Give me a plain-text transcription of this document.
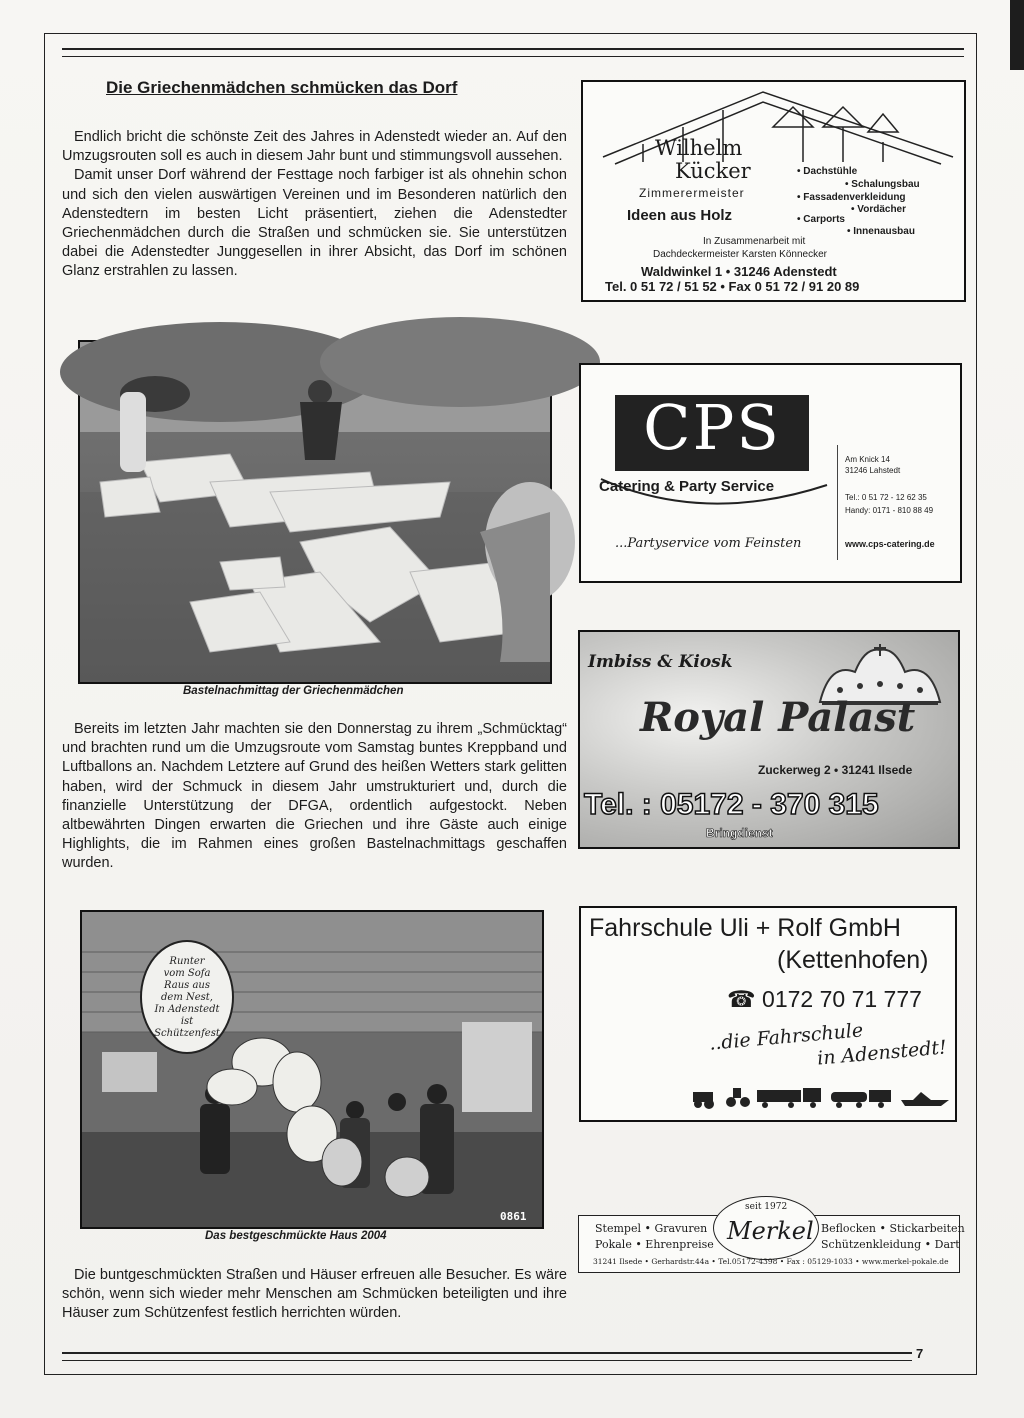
Die Griechenmädchen schmücken das Dorf

Endlich bricht die schönste Zeit des Jahres in Adenstedt wieder an. Auf den Umzugsrouten soll es auch in diesem Jahr bunt und stimmungsvoll aussehen.

Damit unser Dorf während der Festtage noch farbiger ist als ohnehin schon und sich den vielen auswärtigen Vereinen und im Besonderen natürlich den Adenstedtern im besten Licht präsentiert, ziehen die Adenstedter Griechenmädchen durch die Straßen und schmücken sie. Sie unterstützen dabei die Adenstedter Junggesellen in ihrer Absicht, das Dorf im schönen Glanz erstrahlen zu lassen.

Bastelnachmittag der Griechenmädchen

Bereits im letzten Jahr machten sie den Donnerstag zu ihrem „Schmücktag“ und brachten rund um die Umzugsroute vom Samstag buntes Kreppband und Luftballons an. Nachdem Letztere auf Grund des heißen Wetters stark gelitten haben, wird der Schmuck in diesem Jahr umstrukturiert und, durch die finanzielle Unterstützung der DFGA, ordentlich aufgestockt. Neben altbewährten Dingen erwarten die Griechen und ihre Gäste auch einige Highlights, die im Rahmen eines großen Bastelnachmittags geschaffen wurden.

Runter
vom Sofa
Raus aus
dem Nest,
In Adenstedt
ist
Schützenfest
0861
Das bestgeschmückte Haus 2004

Die buntgeschmückten Straßen und Häuser erfreuen alle Besucher. Es wäre schön, wenn sich wieder mehr Menschen am Schmücken beteiligten und ihre Häuser zum Schützenfest festlich herrichten würden.

Wilhelm
Kücker
Zimmerermeister
Ideen aus Holz
• Dachstühle
• Schalungsbau
• Fassadenverkleidung
• Vordächer
• Carports
• Innenausbau
In Zusammenarbeit mit
Dachdeckermeister Karsten Könnecker
Waldwinkel 1 • 31246 Adenstedt
Tel. 0 51 72 / 51 52 • Fax 0 51 72 / 91 20 89
CPS
Catering & Party Service
...Partyservice vom Feinsten
Am Knick 14
31246 Lahstedt
Tel.: 0 51 72 - 12 62 35
Handy: 0171 - 810 88 49
www.cps-catering.de
Imbiss & Kiosk
Royal Palast
Zuckerweg 2 • 31241 Ilsede
Tel. : 05172 - 370 315
Bringdienst
Fahrschule Uli + Rolf GmbH
(Kettenhofen)
☎ 0172 70 71 777
..die Fahrschule
in Adenstedt!
seit 1972
Merkel
Stempel • Gravuren
Pokale • Ehrenpreise
Beflocken • Stickarbeiten
Schützenkleidung • Dart
31241 Ilsede • Gerhardstr.44a • Tel.05172-4398 • Fax : 05129-1033 • www.merkel-pokale.de
7
